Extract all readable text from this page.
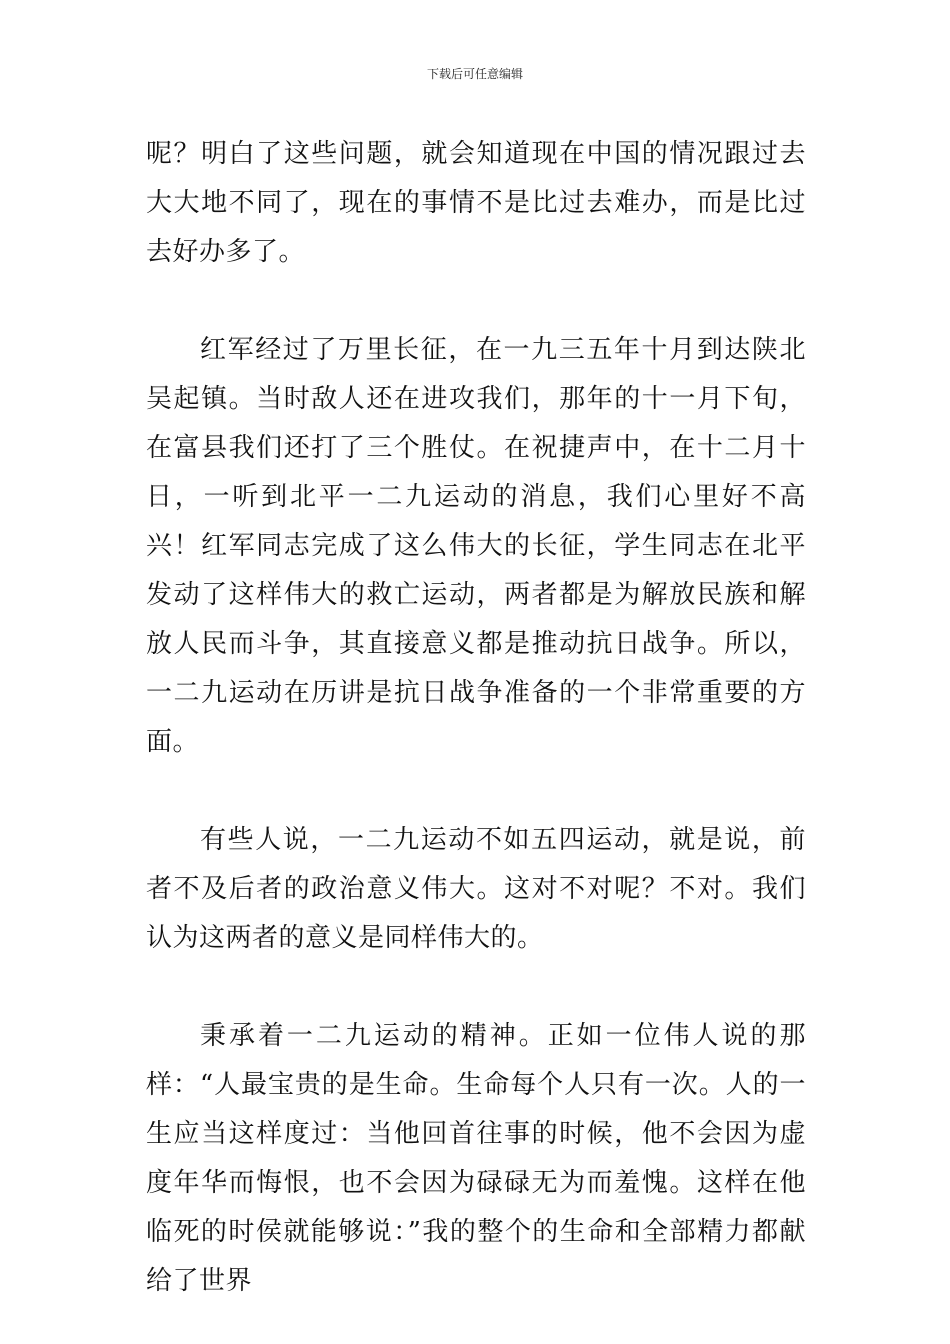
下载后可任意编辑

呢？明白了这些问题，就会知道现在中国的情况跟过去大大地不同了，现在的事情不是比过去难办，而是比过去好办多了。

红军经过了万里长征，在一九三五年十月到达陕北吴起镇。当时敌人还在进攻我们，那年的十一月下旬，在富县我们还打了三个胜仗。在祝捷声中，在十二月十日，一听到北平一二九运动的消息，我们心里好不高兴！红军同志完成了这么伟大的长征，学生同志在北平发动了这样伟大的救亡运动，两者都是为解放民族和解放人民而斗争，其直接意义都是推动抗日战争。所以，一二九运动在历讲是抗日战争准备的一个非常重要的方面。

有些人说，一二九运动不如五四运动，就是说，前者不及后者的政治意义伟大。这对不对呢？不对。我们认为这两者的意义是同样伟大的。

秉承着一二九运动的精神。正如一位伟人说的那样：“人最宝贵的是生命。生命每个人只有一次。人的一生应当这样度过：当他回首往事的时候，他不会因为虚度年华而悔恨，也不会因为碌碌无为而羞愧。这样在他临死的时侯就能够说：”我的整个的生命和全部精力都献给了世界
